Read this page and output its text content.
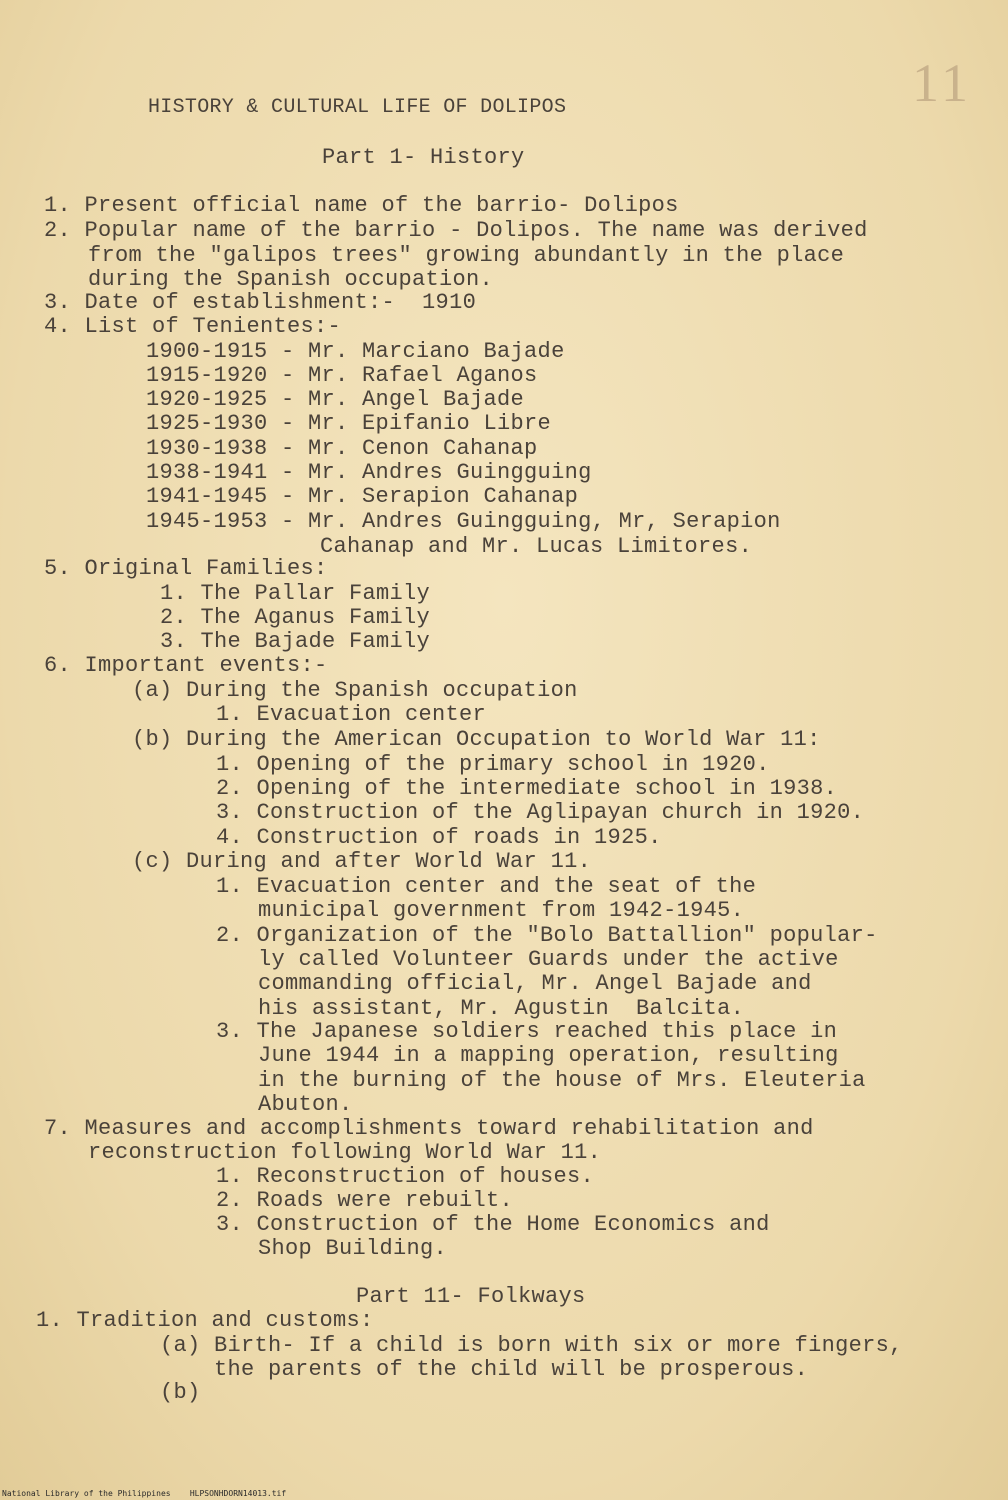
11
HISTORY & CULTURAL LIFE OF DOLIPOS
Part 1- History
1. Present official name of the barrio- Dolipos
2. Popular name of the barrio - Dolipos. The name was derived
from the "galipos trees" growing abundantly in the place
during the Spanish occupation.
3. Date of establishment:-  1910
4. List of Tenientes:-
1900-1915 - Mr. Marciano Bajade
1915-1920 - Mr. Rafael Aganos
1920-1925 - Mr. Angel Bajade
1925-1930 - Mr. Epifanio Libre
1930-1938 - Mr. Cenon Cahanap
1938-1941 - Mr. Andres Guingguing
1941-1945 - Mr. Serapion Cahanap
1945-1953 - Mr. Andres Guingguing, Mr, Serapion
Cahanap and Mr. Lucas Limitores.
5. Original Families:
1. The Pallar Family
2. The Aganus Family
3. The Bajade Family
6. Important events:-
(a) During the Spanish occupation
1. Evacuation center
(b) During the American Occupation to World War 11:
1. Opening of the primary school in 1920.
2. Opening of the intermediate school in 1938.
3. Construction of the Aglipayan church in 1920.
4. Construction of roads in 1925.
(c) During and after World War 11.
1. Evacuation center and the seat of the
municipal government from 1942-1945.
2. Organization of the "Bolo Battallion" popular-
ly called Volunteer Guards under the active
commanding official, Mr. Angel Bajade and
his assistant, Mr. Agustin  Balcita.
3. The Japanese soldiers reached this place in
June 1944 in a mapping operation, resulting
in the burning of the house of Mrs. Eleuteria
Abuton.
7. Measures and accomplishments toward rehabilitation and
reconstruction following World War 11.
1. Reconstruction of houses.
2. Roads were rebuilt.
3. Construction of the Home Economics and
Shop Building.
Part 11- Folkways
1. Tradition and customs:
(a) Birth- If a child is born with six or more fingers,
the parents of the child will be prosperous.
(b)
National Library of the Philippines    HLPSONHDORN14013.tif
